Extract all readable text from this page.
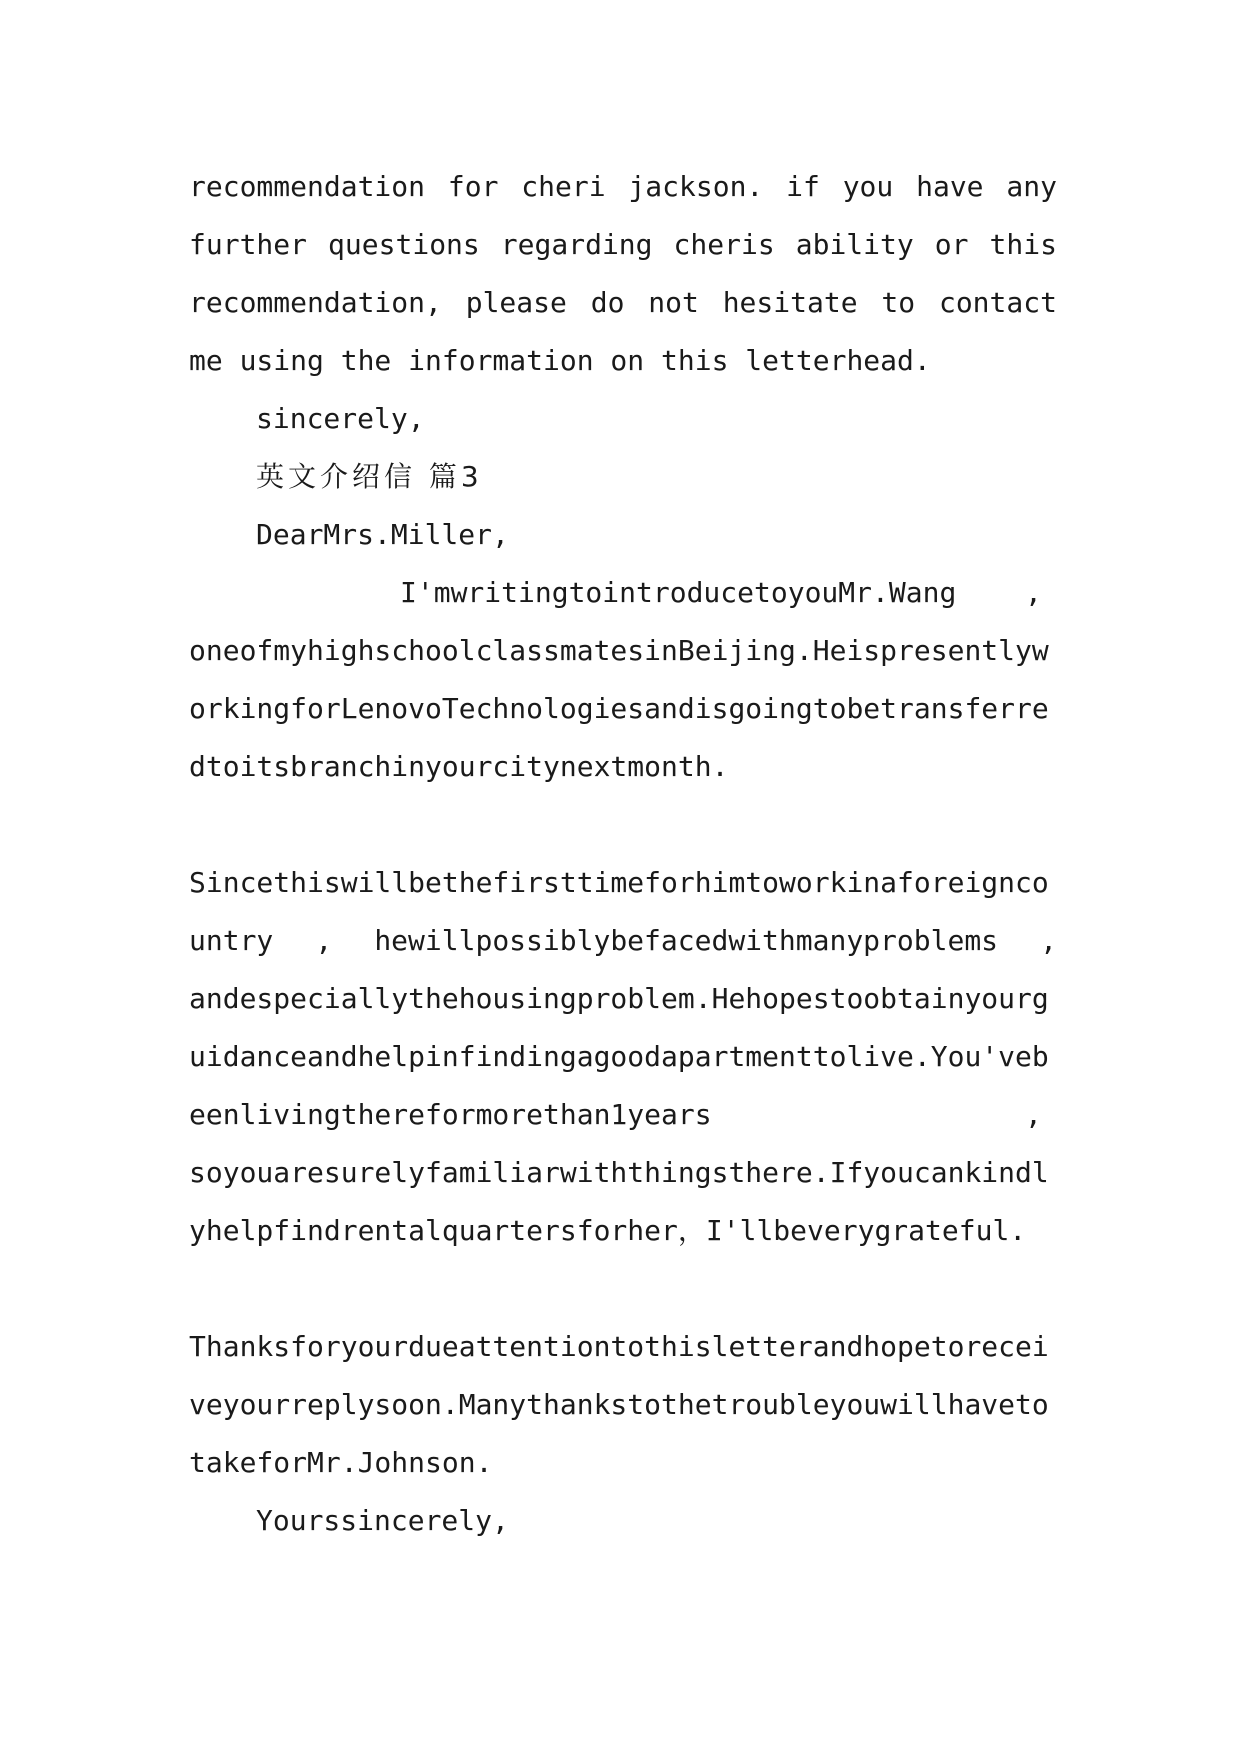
recommendation for cheri jackson. if you have any
further questions regarding cheris ability or this
recommendation, please do not hesitate to contact
me using the information on this letterhead.
sincerely,
英文介绍信 篇3
DearMrs.Miller,
I'mwritingtointroducetoyouMr.Wang ,
oneofmyhighschoolclassmatesinBeijing.Heispresentlyw
orkingforLenovoTechnologiesandisgoingtobetransferre
dtoitsbranchinyourcitynextmonth.
Sincethiswillbethefirsttimeforhimtoworkinaforeignco
untry , hewillpossiblybefacedwithmanyproblems ,
andespeciallythehousingproblem.Hehopestoobtainyourg
uidanceandhelpinfindingagoodapartmenttolive.You'veb
eenlivingthereformorethan1years	,
soyouaresurelyfamiliarwiththingsthere.Ifyoucankindl
yhelpfindrentalquartersforher，I'llbeverygrateful.
Thanksforyourdueattentiontothisletterandhopetorecei
veyourreplysoon.Manythankstothetroubleyouwillhaveto
takeforMr.Johnson.
Yourssincerely,
